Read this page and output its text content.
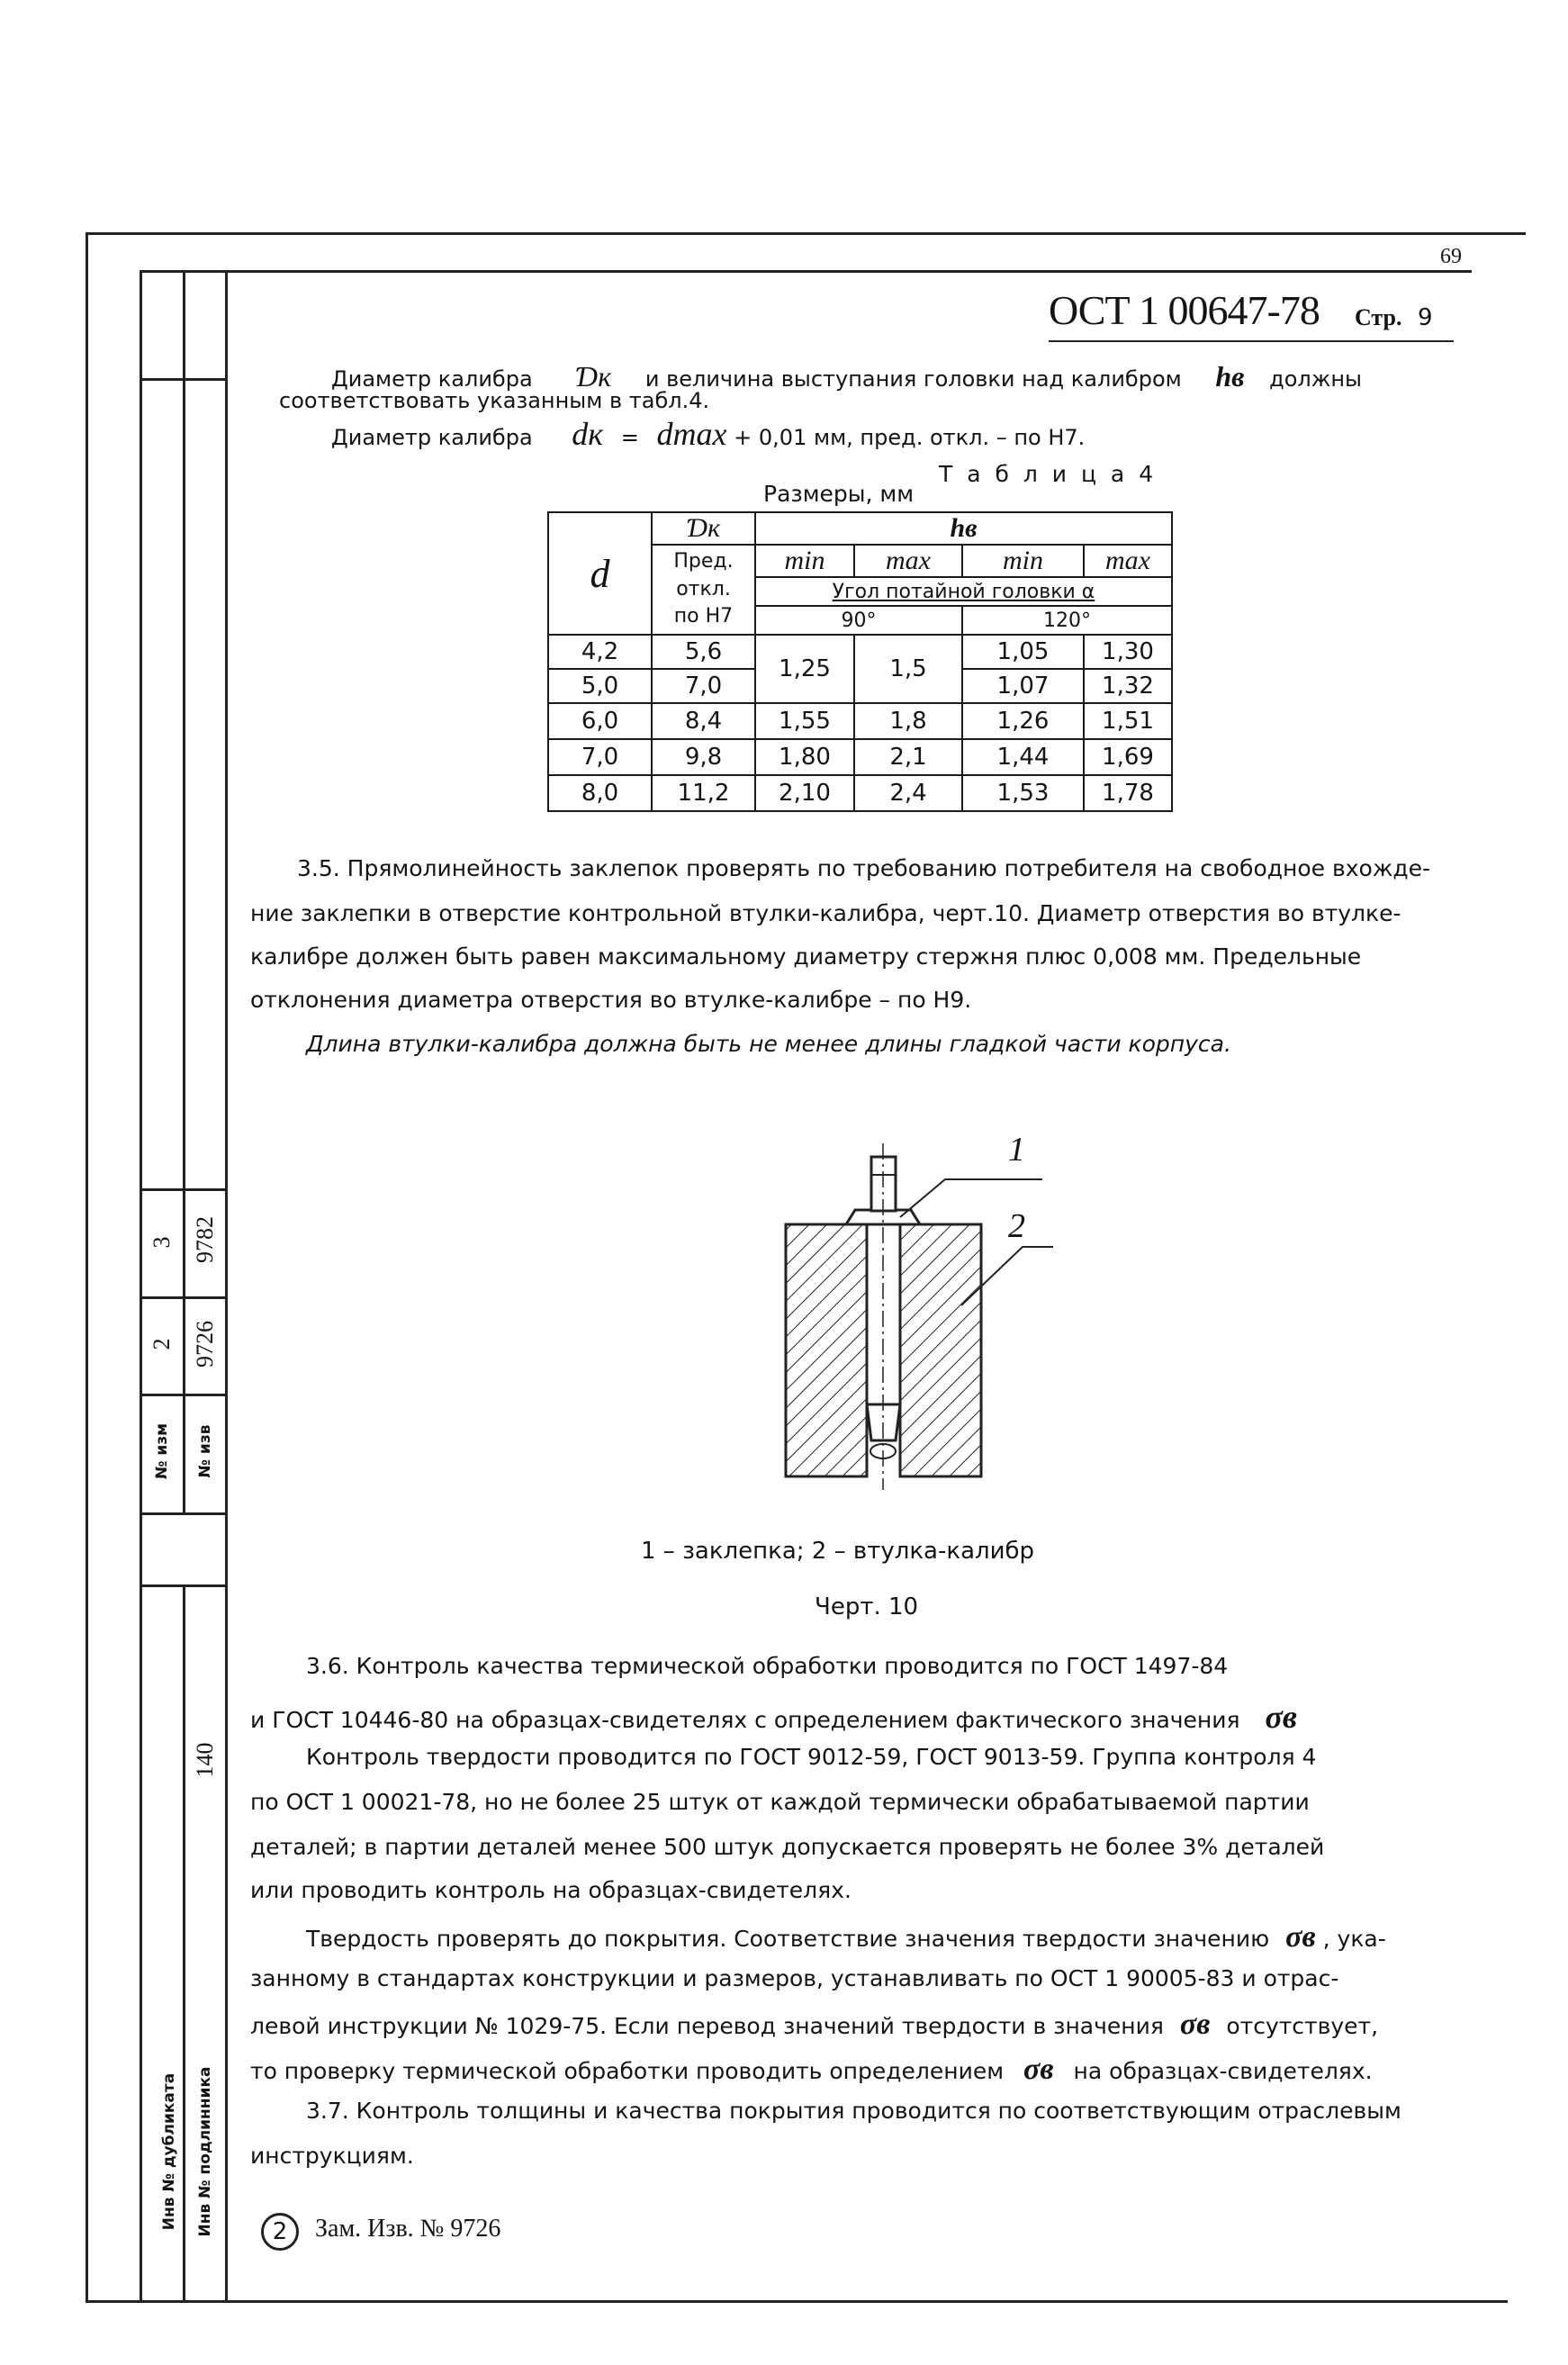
69
3 9782
2 9726
№ изм № изв
140
Инв № дубликата Инв № подлинника
ОСТ 1 00647-78 Стр. 9
Диаметр калибра Ɗк и величина выступания головки над калибром hв должны
соответствовать указанным в табл.4.
Диаметр калибра dк = dmax + 0,01 мм, пред. откл. – по Н7.
Т а б л и ц а 4
Размеры, мм
d	Ɗк	hв			

	Пред.
откл.
по Н7	min	max	min	max
		Угол потайной головки α			
		90°		120°	
4,2	5,6	1,25	1,5	1,05	1,30
5,0	7,0			1,07	1,32
6,0	8,4	1,55	1,8	1,26	1,51
7,0	9,8	1,80	2,1	1,44	1,69
8,0	11,2	2,10	2,4	1,53	1,78
3.5. Прямолинейность заклепок проверять по требованию потребителя на свободное вхожде-
ние заклепки в отверстие контрольной втулки-калибра, черт.10. Диаметр отверстия во втулке-
калибре должен быть равен максимальному диаметру стержня плюс 0,008 мм. Предельные
отклонения диаметра отверстия во втулке-калибре – по Н9.
Длина втулки-калибра должна быть не менее длины гладкой части корпуса.
1
2
1 – заклепка; 2 – втулка-калибр
Черт. 10
3.6. Контроль качества термической обработки проводится по ГОСТ 1497-84
и ГОСТ 10446-80 на образцах-свидетелях с определением фактического значения σв
Контроль твердости проводится по ГОСТ 9012-59, ГОСТ 9013-59. Группа контроля 4
по ОСТ 1 00021-78, но не более 25 штук от каждой термически обрабатываемой партии
деталей; в партии деталей менее 500 штук допускается проверять не более 3% деталей
или проводить контроль на образцах-свидетелях.
Твердость проверять до покрытия. Соответствие значения твердости значению σв , ука-
занному в стандартах конструкции и размеров, устанавливать по ОСТ 1 90005-83 и отрас-
левой инструкции № 1029-75. Если перевод значений твердости в значения σв отсутствует,
то проверку термической обработки проводить определением σв на образцах-свидетелях.
3.7. Контроль толщины и качества покрытия проводится по соответствующим отраслевым
инструкциям.
2	Зам. Изв. № 9726
